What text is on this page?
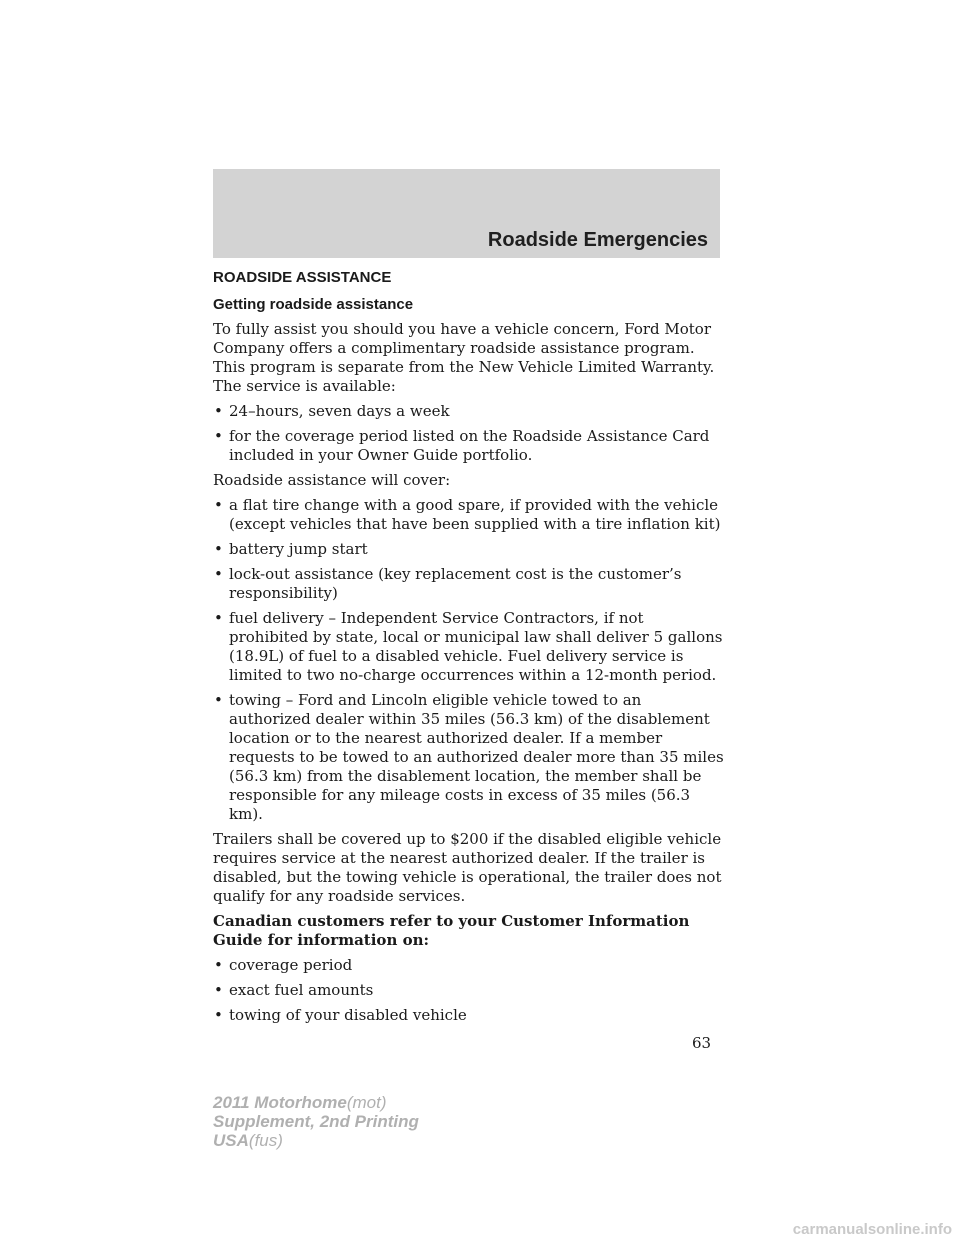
Roadside Emergencies
ROADSIDE ASSISTANCE
Getting roadside assistance

To fully assist you should you have a vehicle concern, Ford Motor Company offers a complimentary roadside assistance program. This program is separate from the New Vehicle Limited Warranty. The service is available:

• 24–hours, seven days a week
• for the coverage period listed on the Roadside Assistance Card included in your Owner Guide portfolio.

Roadside assistance will cover:

• a flat tire change with a good spare, if provided with the vehicle (except vehicles that have been supplied with a tire inflation kit)
• battery jump start
• lock-out assistance (key replacement cost is the customer’s responsibility)
• fuel delivery – Independent Service Contractors, if not prohibited by state, local or municipal law shall deliver 5 gallons (18.9L) of fuel to a disabled vehicle. Fuel delivery service is limited to two no-charge occurrences within a 12-month period.
• towing – Ford and Lincoln eligible vehicle towed to an authorized dealer within 35 miles (56.3 km) of the disablement location or to the nearest authorized dealer. If a member requests to be towed to an authorized dealer more than 35 miles (56.3 km) from the disablement location, the member shall be responsible for any mileage costs in excess of 35 miles (56.3 km).

Trailers shall be covered up to $200 if the disabled eligible vehicle requires service at the nearest authorized dealer. If the trailer is disabled, but the towing vehicle is operational, the trailer does not qualify for any roadside services.

Canadian customers refer to your Customer Information Guide for information on:

• coverage period
• exact fuel amounts
• towing of your disabled vehicle
63
2011 Motorhome(mot)
Supplement, 2nd Printing
USA(fus)
carmanualsonline.info
